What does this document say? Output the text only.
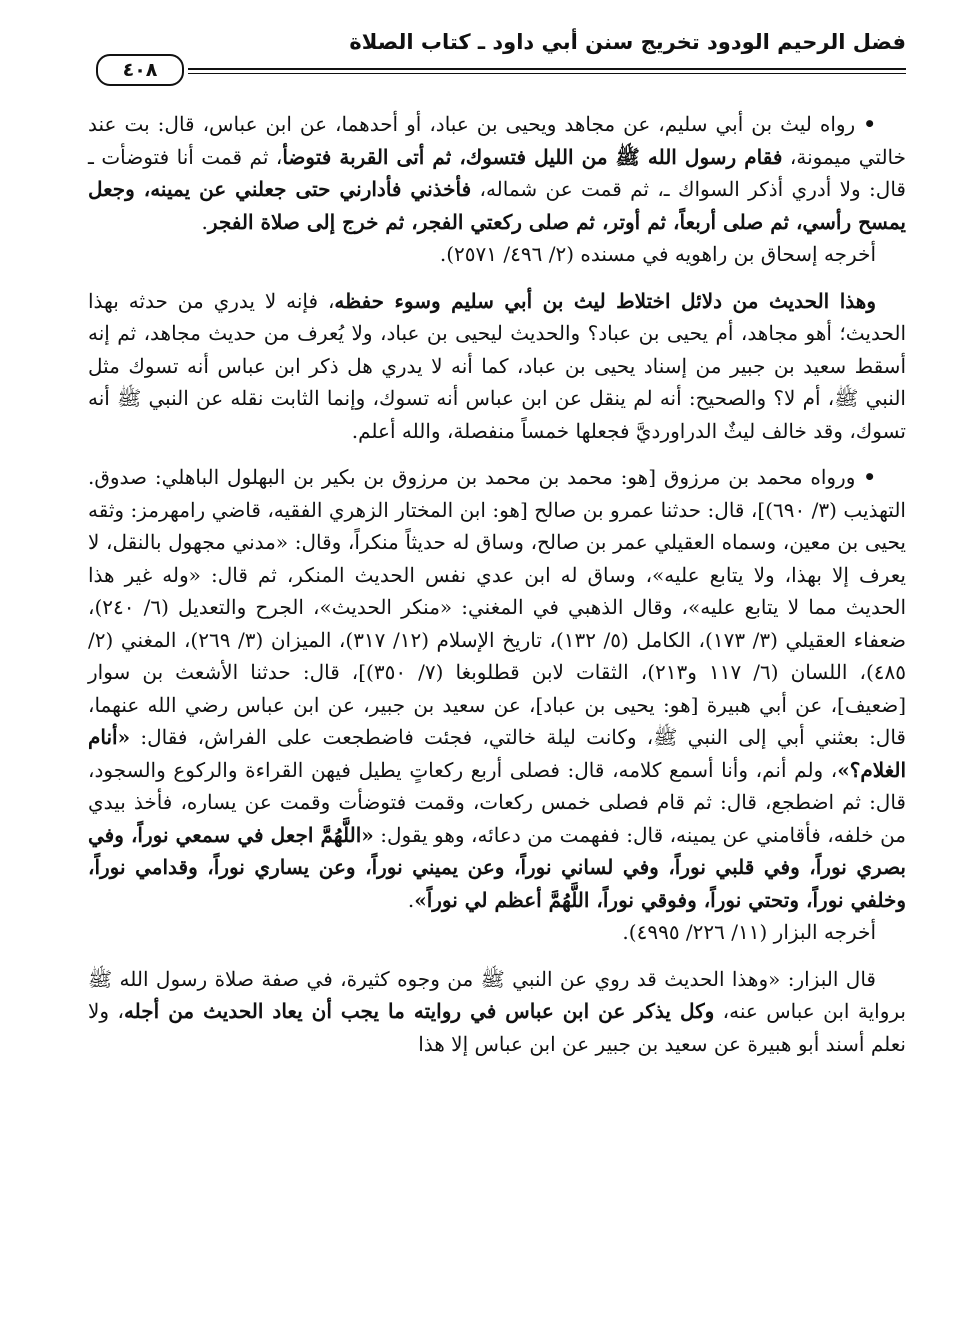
فضل الرحيم الودود تخريج سنن أبي داود ـ كتاب الصلاة
٤٠٨

• رواه ليث بن أبي سليم، عن مجاهد ويحيى بن عباد، أو أحدهما، عن ابن عباس، قال: بت عند خالتي ميمونة، فقام رسول الله ﷺ من الليل فتسوك، ثم أتى القربة فتوضأ، ثم قمت أنا فتوضأت ـ قال: ولا أدري أذكر السواك ـ، ثم قمت عن شماله، فأخذني فأدارني حتى جعلني عن يمينه، وجعل يمسح رأسي، ثم صلى أربعاً، ثم أوتر، ثم صلى ركعتي الفجر، ثم خرج إلى صلاة الفجر.

أخرجه إسحاق بن راهويه في مسنده (٢/ ٤٩٦/ ٢٥٧١).

وهذا الحديث من دلائل اختلاط ليث بن أبي سليم وسوء حفظه، فإنه لا يدري من حدثه بهذا الحديث؛ أهو مجاهد، أم يحيى بن عباد؟ والحديث ليحيى بن عباد، ولا يُعرف من حديث مجاهد، ثم إنه أسقط سعيد بن جبير من إسناد يحيى بن عباد، كما أنه لا يدري هل ذكر ابن عباس أنه تسوك مثل النبي ﷺ، أم لا؟ والصحيح: أنه لم ينقل عن ابن عباس أنه تسوك، وإنما الثابت نقله عن النبي ﷺ أنه تسوك، وقد خالف ليثٌ الدراورديَّ فجعلها خمساً منفصلة، والله أعلم.

• ورواه محمد بن مرزوق [هو: محمد بن محمد بن مرزوق بن بكير بن البهلول الباهلي: صدوق. التهذيب (٣/ ٦٩٠)]، قال: حدثنا عمرو بن صالح [هو: ابن المختار الزهري الفقيه، قاضي رامهرمز: وثقه يحيى بن معين، وسماه العقيلي عمر بن صالح، وساق له حديثاً منكراً، وقال: «مدني مجهول بالنقل، لا يعرف إلا بهذا، ولا يتابع عليه»، وساق له ابن عدي نفس الحديث المنكر، ثم قال: «وله غير هذا الحديث مما لا يتابع عليه»، وقال الذهبي في المغني: «منكر الحديث»، الجرح والتعديل (٦/ ٢٤٠)، ضعفاء العقيلي (٣/ ١٧٣)، الكامل (٥/ ١٣٢)، تاريخ الإسلام (١٢/ ٣١٧)، الميزان (٣/ ٢٦٩)، المغني (٢/ ٤٨٥)، اللسان (٦/ ١١٧ و٢١٣)، الثقات لابن قطلوبغا (٧/ ٣٥٠)]، قال: حدثنا الأشعث بن سوار [ضعيف]، عن أبي هبيرة [هو: يحيى بن عباد]، عن سعيد بن جبير، عن ابن عباس رضي الله عنهما، قال: بعثني أبي إلى النبي ﷺ، وكانت ليلة خالتي، فجئت فاضطجعت على الفراش، فقال: «أنام الغلام؟»، ولم أنم، وأنا أسمع كلامه، قال: فصلى أربع ركعاتٍ يطيل فيهن القراءة والركوع والسجود، قال: ثم اضطجع، قال: ثم قام فصلى خمس ركعات، وقمت فتوضأت وقمت عن يساره، فأخذ بيدي من خلفه، فأقامني عن يمينه، قال: ففهمت من دعائه، وهو يقول: «اللَّهُمَّ اجعل في سمعي نوراً، وفي بصري نوراً، وفي قلبي نوراً، وفي لساني نوراً، وعن يميني نوراً، وعن يساري نوراً، وقدامي نوراً، وخلفي نوراً، وتحتي نوراً، وفوقي نوراً، اللَّهُمَّ أعظم لي نوراً».

أخرجه البزار (١١/ ٢٢٦/ ٤٩٩٥).

قال البزار: «وهذا الحديث قد روي عن النبي ﷺ من وجوه كثيرة، في صفة صلاة رسول الله ﷺ برواية ابن عباس عنه، وكل يذكر عن ابن عباس في روايته ما يجب أن يعاد الحديث من أجله، ولا نعلم أسند أبو هبيرة عن سعيد بن جبير عن ابن عباس إلا هذا
